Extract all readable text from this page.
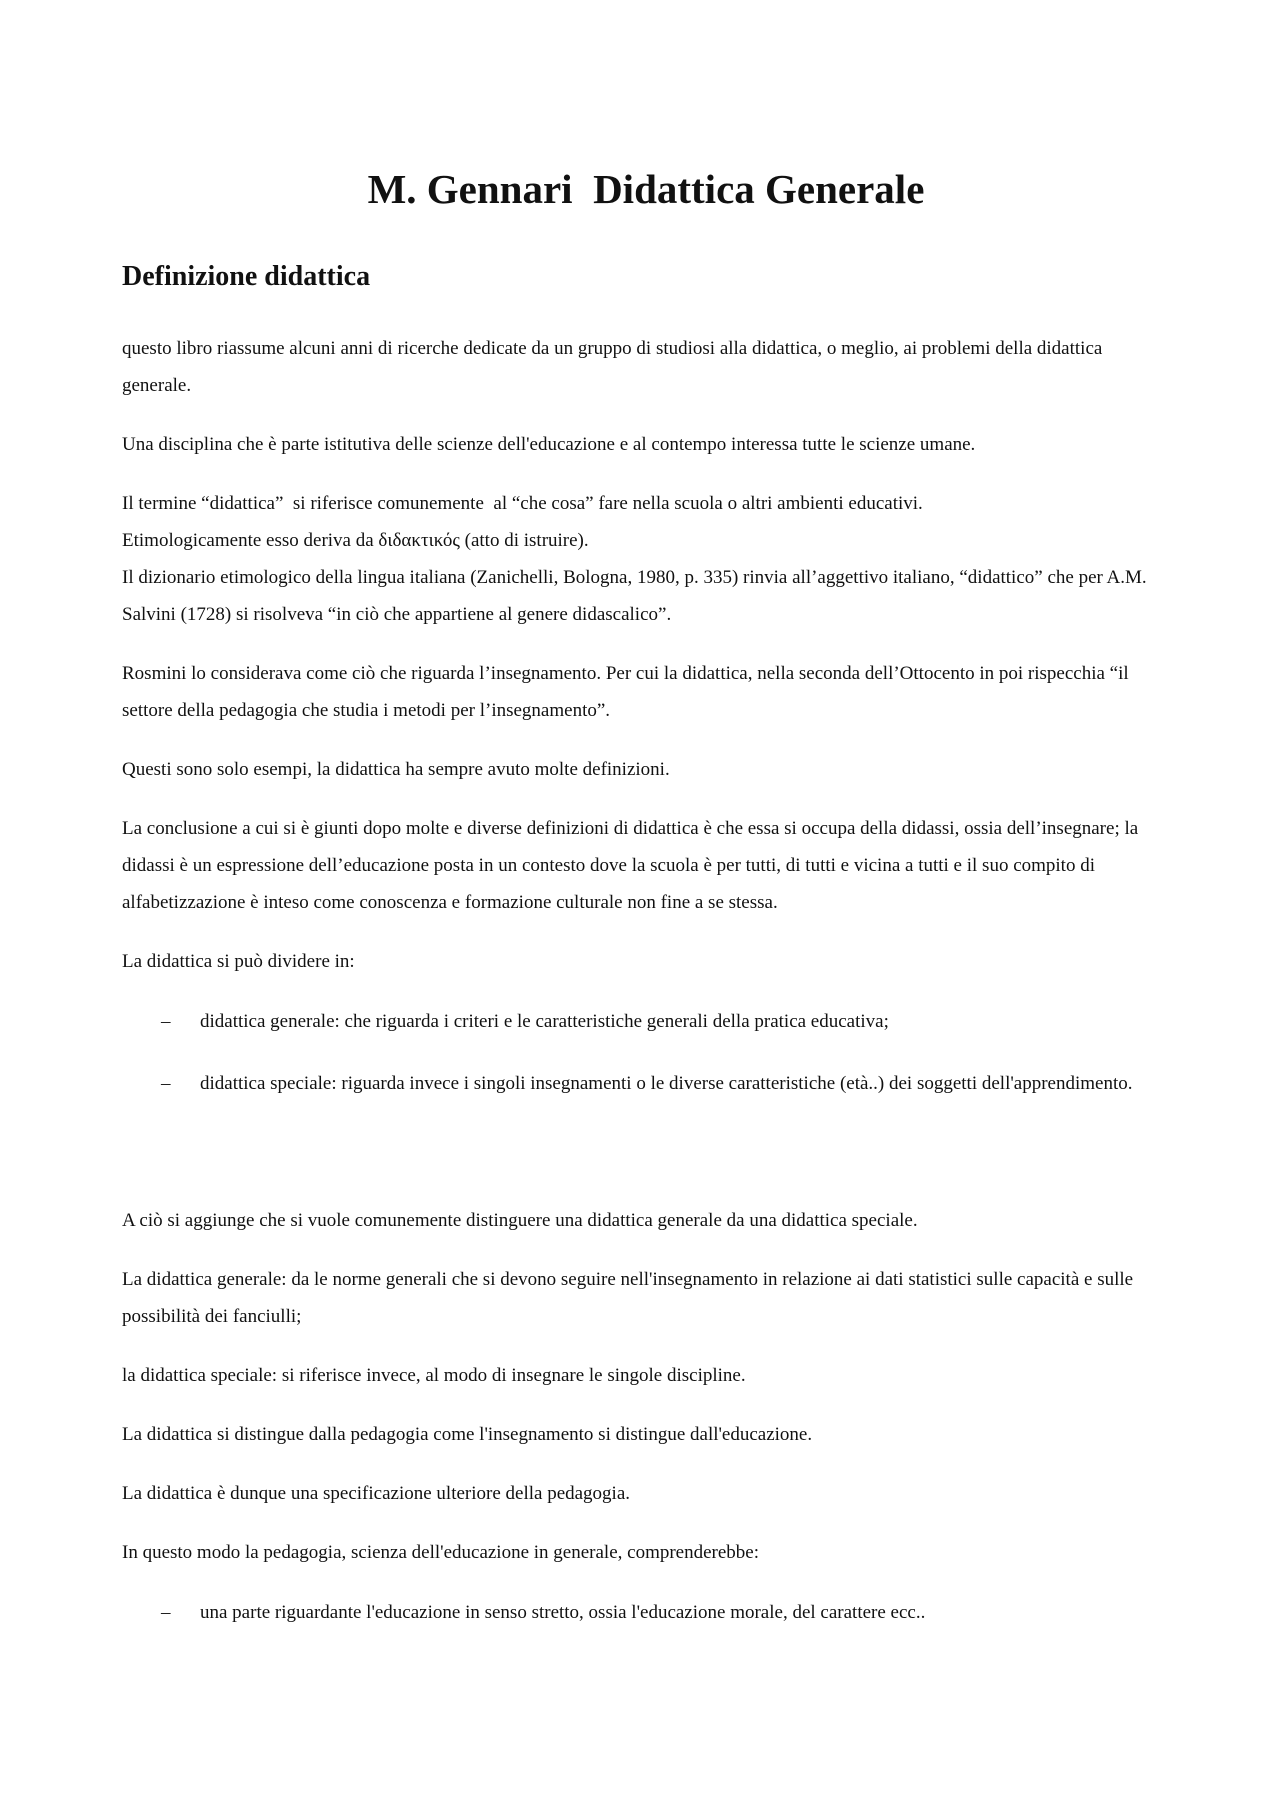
M. Gennari  Didattica Generale
Definizione didattica

questo libro riassume alcuni anni di ricerche dedicate da un gruppo di studiosi alla didattica, o meglio, ai problemi della didattica generale.

Una disciplina che è parte istitutiva delle scienze dell'educazione e al contempo interessa tutte le scienze umane.

Il termine “didattica”  si riferisce comunemente  al “che cosa” fare nella scuola o altri ambienti educativi.
Etimologicamente esso deriva da διδακτικός (atto di istruire).
Il dizionario etimologico della lingua italiana (Zanichelli, Bologna, 1980, p. 335) rinvia all’aggettivo italiano, “didattico” che per A.M. Salvini (1728) si risolveva “in ciò che appartiene al genere didascalico”.

Rosmini lo considerava come ciò che riguarda l’insegnamento. Per cui la didattica, nella seconda dell’Ottocento in poi rispecchia “il settore della pedagogia che studia i metodi per l’insegnamento”.

Questi sono solo esempi, la didattica ha sempre avuto molte definizioni.

La conclusione a cui si è giunti dopo molte e diverse definizioni di didattica è che essa si occupa della didassi, ossia dell’insegnare; la didassi è un espressione dell’educazione posta in un contesto dove la scuola è per tutti, di tutti e vicina a tutti e il suo compito di alfabetizzazione è inteso come conoscenza e formazione culturale non fine a se stessa.

La didattica si può dividere in:

– didattica generale: che riguarda i criteri e le caratteristiche generali della pratica educativa;
– didattica speciale: riguarda invece i singoli insegnamenti o le diverse caratteristiche (età..) dei soggetti dell'apprendimento.

A ciò si aggiunge che si vuole comunemente distinguere una didattica generale da una didattica speciale.

La didattica generale: da le norme generali che si devono seguire nell'insegnamento in relazione ai dati statistici sulle capacità e sulle possibilità dei fanciulli;

la didattica speciale: si riferisce invece, al modo di insegnare le singole discipline.

La didattica si distingue dalla pedagogia come l'insegnamento si distingue dall'educazione.

La didattica è dunque una specificazione ulteriore della pedagogia.

In questo modo la pedagogia, scienza dell'educazione in generale, comprenderebbe:

– una parte riguardante l'educazione in senso stretto, ossia l'educazione morale, del carattere ecc..
